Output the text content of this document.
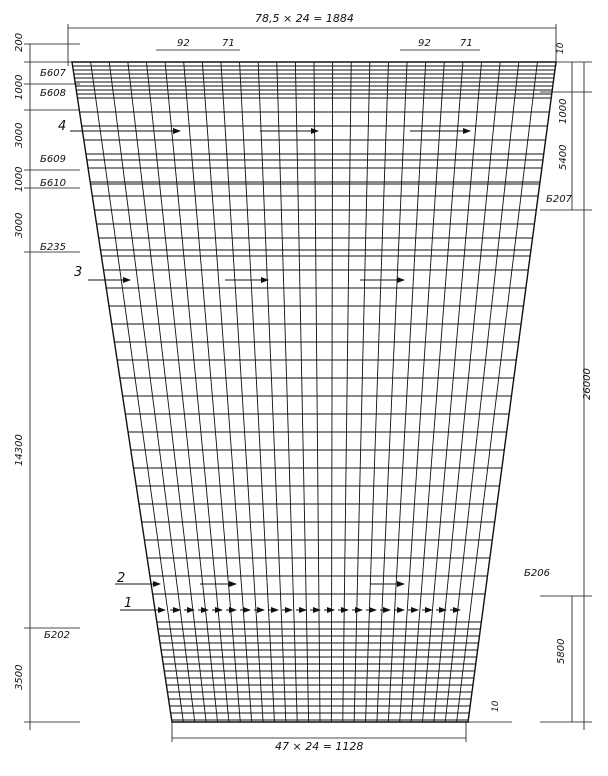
78,5 × 24 = 1884
92	71	92	71	10
47 × 24 = 1128
10
200
1000
3000
1000
3000
14300
3500
Б607
Б608
Б609
Б610
Б235
Б202
Б207
Б206
1000
5400
26000
5800
1
2
3
4
